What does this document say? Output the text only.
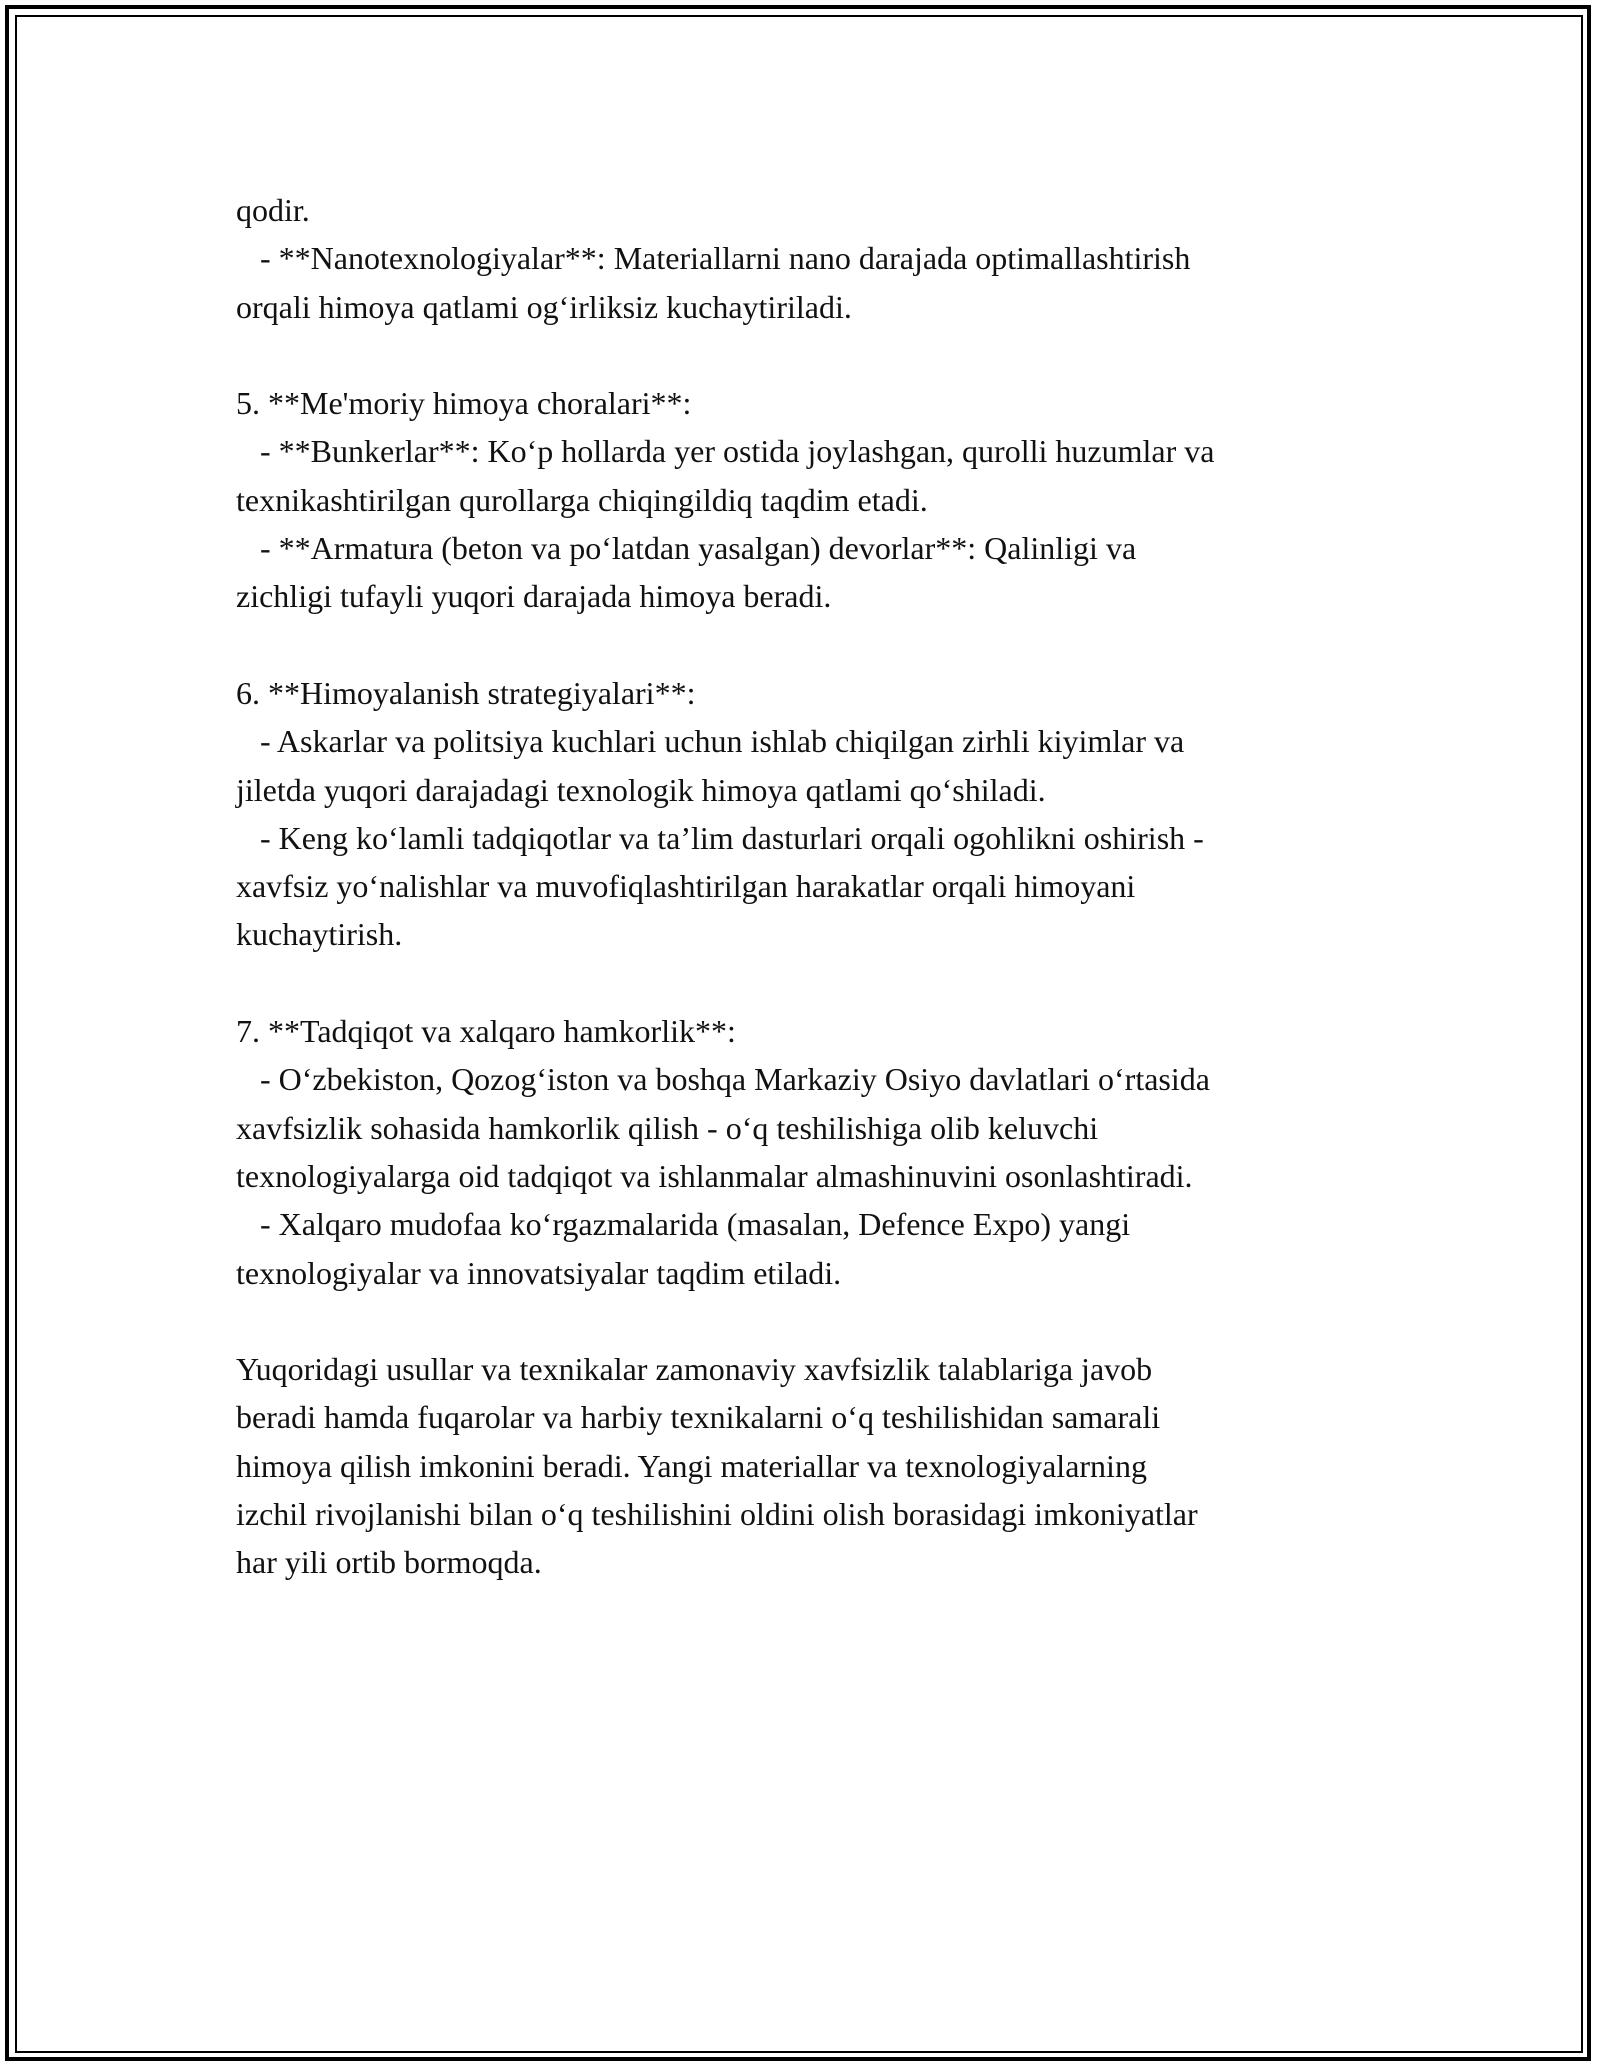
qodir.
- **Nanotexnologiyalar**: Materiallarni nano darajada optimallashtirish
orqali himoya qatlami og‘irliksiz kuchaytiriladi.
5. **Me'moriy himoya choralari**:
- **Bunkerlar**: Ko‘p hollarda yer ostida joylashgan, qurolli huzumlar va
texnikashtirilgan qurollarga chiqingildiq taqdim etadi.
- **Armatura (beton va po‘latdan yasalgan) devorlar**: Qalinligi va
zichligi tufayli yuqori darajada himoya beradi.
6. **Himoyalanish strategiyalari**:
- Askarlar va politsiya kuchlari uchun ishlab chiqilgan zirhli kiyimlar va
jiletda yuqori darajadagi texnologik himoya qatlami qo‘shiladi.
- Keng ko‘lamli tadqiqotlar va ta’lim dasturlari orqali ogohlikni oshirish -
xavfsiz yo‘nalishlar va muvofiqlashtirilgan harakatlar orqali himoyani
kuchaytirish.
7. **Tadqiqot va xalqaro hamkorlik**:
- O‘zbekiston, Qozog‘iston va boshqa Markaziy Osiyo davlatlari o‘rtasida
xavfsizlik sohasida hamkorlik qilish - o‘q teshilishiga olib keluvchi
texnologiyalarga oid tadqiqot va ishlanmalar almashinuvini osonlashtiradi.
- Xalqaro mudofaa ko‘rgazmalarida (masalan, Defence Expo) yangi
texnologiyalar va innovatsiyalar taqdim etiladi.
Yuqoridagi usullar va texnikalar zamonaviy xavfsizlik talablariga javob
beradi hamda fuqarolar va harbiy texnikalarni o‘q teshilishidan samarali
himoya qilish imkonini beradi. Yangi materiallar va texnologiyalarning
izchil rivojlanishi bilan o‘q teshilishini oldini olish borasidagi imkoniyatlar
har yili ortib bormoqda.
